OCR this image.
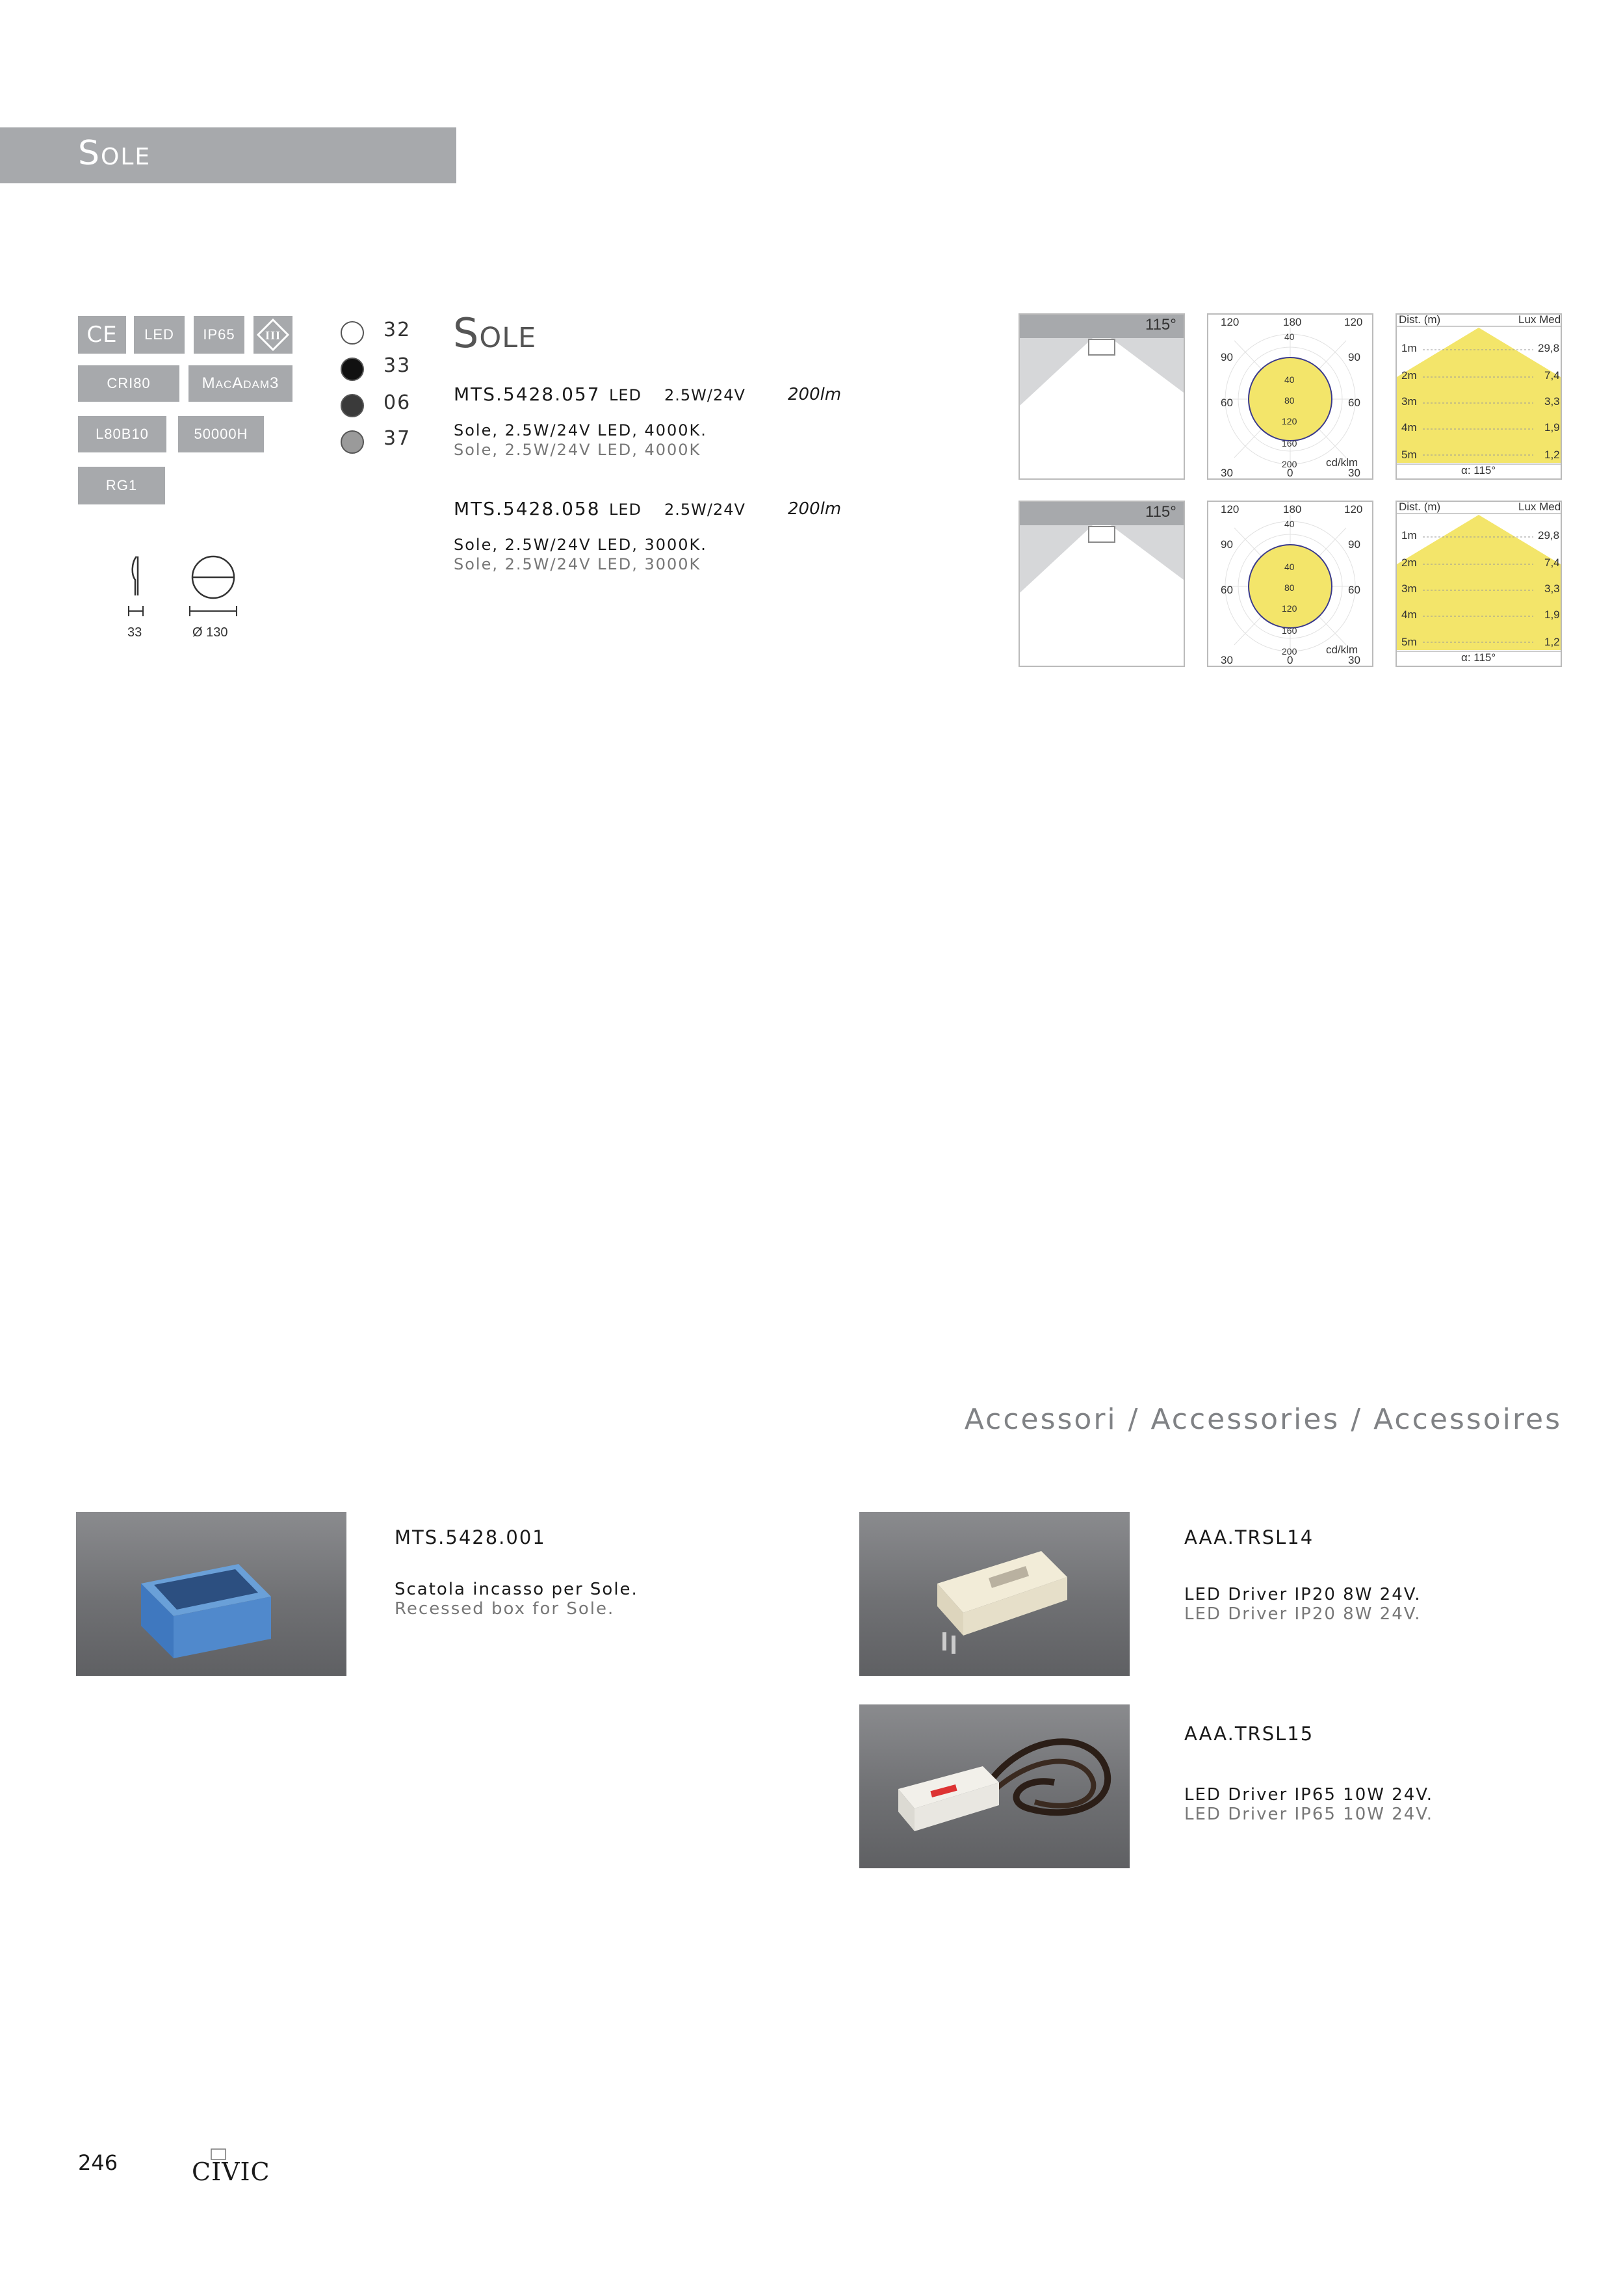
Sole
CE	LED	IP65	III
CRI80	MacAdam3
L80B10	50000H
RG1
33	Ø 130
32
33
06
37
Sole
MTS.5428.057 LED 2.5W/24V	200lm
Sole, 2.5W/24V LED, 4000K.
Sole, 2.5W/24V LED, 4000K
MTS.5428.058 LED 2.5W/24V	200lm
Sole, 2.5W/24V LED, 3000K.
Sole, 2.5W/24V LED, 3000K
115°	120	180	120
90	90
60	60
40
40
80
120
160
200	cd/klm
30	0	30
Dist. (m)	Lux Med
1m	29,8
2m	7,4
3m	3,3
4m	1,9
5m	1,2
α: 115°
115°	120	180	120
90	90
60	60
40
40
80
120
160
200	cd/klm
30	0	30
Dist. (m)	Lux Med
1m	29,8
2m	7,4
3m	3,3
4m	1,9
5m	1,2
α: 115°
Accessori / Accessories / Accessoires
MTS.5428.001
Scatola incasso per Sole.
Recessed box for Sole.
AAA.TRSL14
LED Driver IP20 8W 24V.
LED Driver IP20 8W 24V.
AAA.TRSL15
LED Driver IP65 10W 24V.
LED Driver IP65 10W 24V.
246	CIVIC
